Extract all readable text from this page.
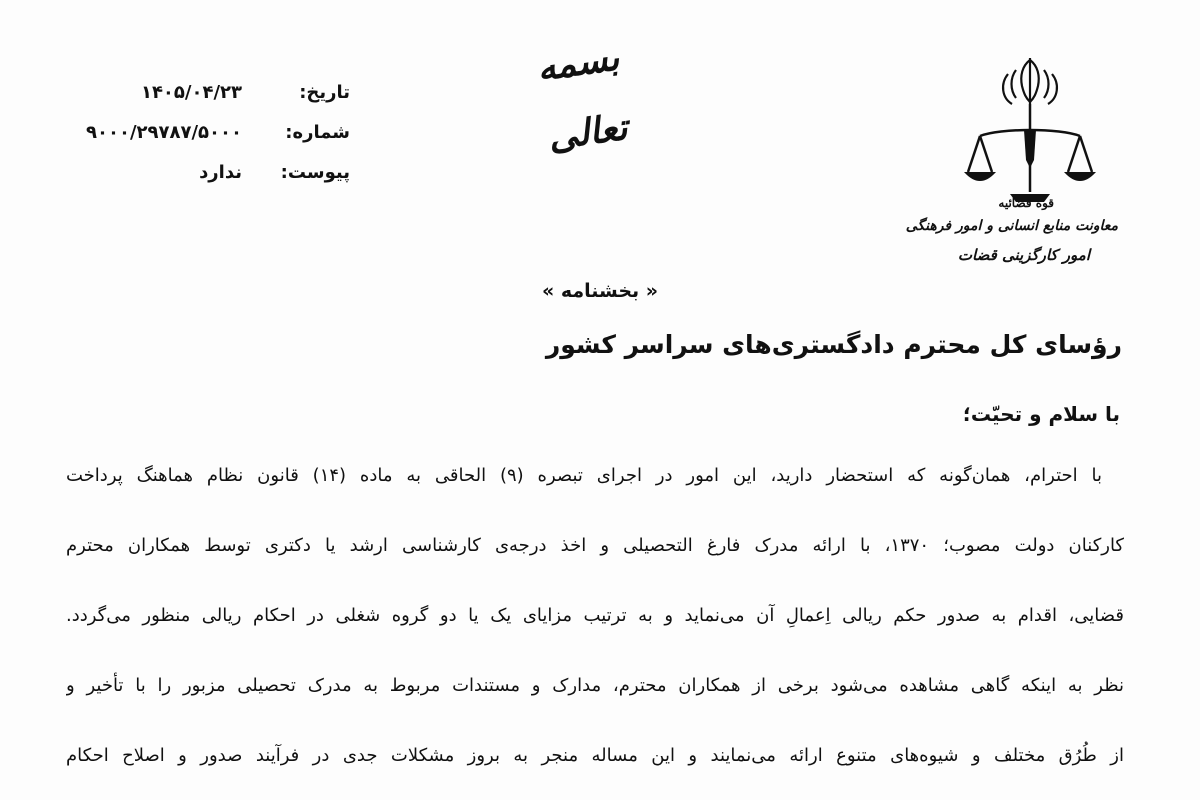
قوه قضائیه
معاونت منابع انسانی و امور فرهنگی
امور کارگزینی قضات
بسمه تعالی
تاریخ:
۱۴۰۵/۰۴/۲۳
شماره:
۹۰۰۰/۲۹۷۸۷/۵۰۰۰
پیوست:
ندارد
« بخشنامه »
رؤسای کل محترم دادگستری‌های سراسر کشور
با سلام و تحیّت؛
با احترام، همان‌گونه که استحضار دارید، این امور در اجرای تبصره (۹) الحاقی به ماده (۱۴) قانون نظام هماهنگ پرداخت
کارکنان دولت مصوب؛ ۱۳۷۰، با ارائه مدرک فارغ التحصیلی و اخذ درجه‌ی کارشناسی ارشد یا دکتری توسط همکاران محترم
قضایی، اقدام به صدور حکم ریالی اِعمالِ آن می‌نماید و به ترتیب مزایای یک یا دو گروه شغلی در احکام ریالی منظور می‌گردد.
نظر به اینکه گاهی مشاهده می‌شود برخی از همکاران محترم، مدارک و مستندات مربوط به مدرک تحصیلی مزبور را با تأخیر و
از طُرُق مختلف و شیوه‌های متنوع ارائه می‌نمایند و این مساله منجر به بروز مشکلات جدی در فرآیند صدور و اصلاح احکام
